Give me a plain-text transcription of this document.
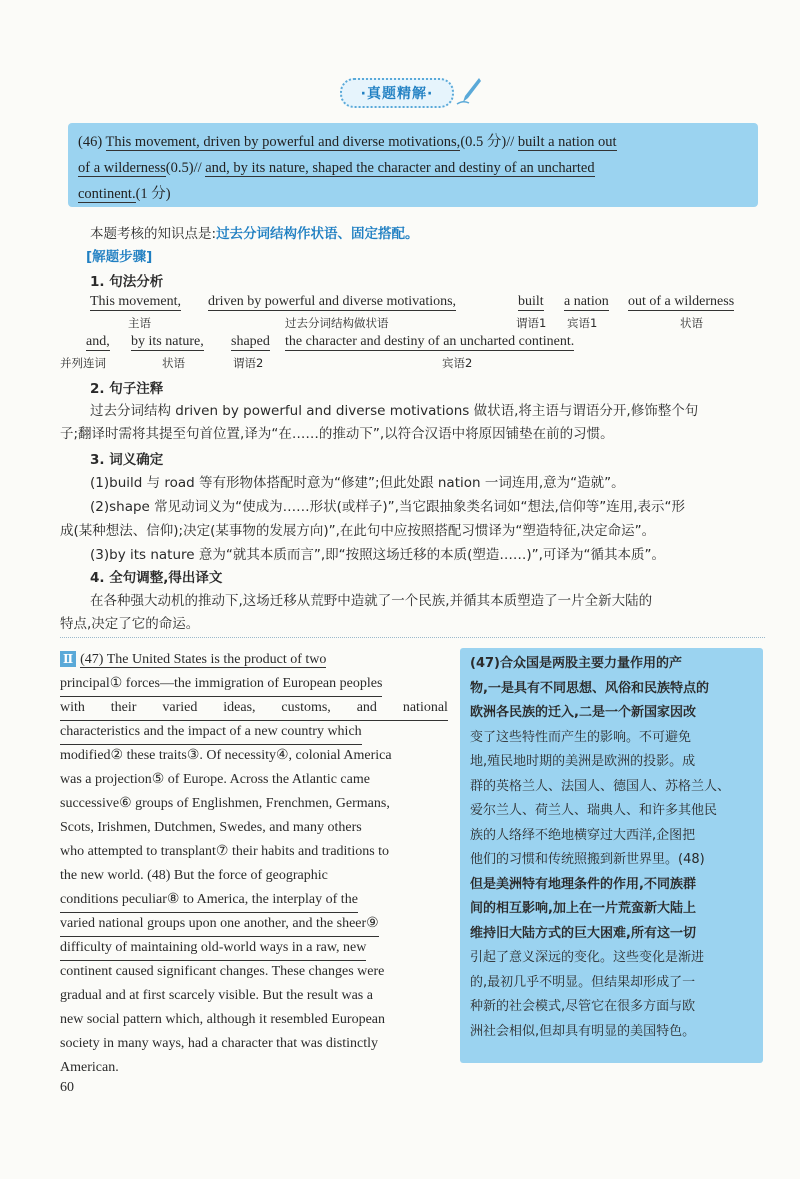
·真题精解·
(46) This movement, driven by powerful and diverse motivations,(0.5 分)// built a nation out
of a wilderness(0.5)// and, by its nature, shaped the character and destiny of an uncharted
continent.(1 分)
本题考核的知识点是:过去分词结构作状语、固定搭配。
[解题步骤]
1. 句法分析
This movement,
主语
driven by powerful and diverse motivations,
过去分词结构做状语
built
谓语1
a nation
宾语1
out of a wilderness
状语
and,
并列连词
by its nature,
状语
shaped
谓语2
the character and destiny of an uncharted continent.
宾语2
2. 句子注释
过去分词结构 driven by powerful and diverse motivations 做状语,将主语与谓语分开,修饰整个句
子;翻译时需将其提至句首位置,译为“在……的推动下”,以符合汉语中将原因铺垫在前的习惯。
3. 词义确定
(1)build 与 road 等有形物体搭配时意为“修建”;但此处跟 nation 一词连用,意为“造就”。
(2)shape 常见动词义为“使成为……形状(或样子)”,当它跟抽象类名词如“想法,信仰等”连用,表示“形
成(某种想法、信仰);决定(某事物的发展方向)”,在此句中应按照搭配习惯译为“塑造特征,决定命运”。
(3)by its nature 意为“就其本质而言”,即“按照这场迁移的本质(塑造……)”,可译为“循其本质”。
4. 全句调整,得出译文
在各种强大动机的推动下,这场迁移从荒野中造就了一个民族,并循其本质塑造了一片全新大陆的
特点,决定了它的命运。
Ⅱ (47) The United States is the product of two
principal① forces—the immigration of European peoples
with their varied ideas, customs, and national
characteristics and the impact of a new country which
modified② these traits③. Of necessity④, colonial America
was a projection⑤ of Europe. Across the Atlantic came
successive⑥ groups of Englishmen, Frenchmen, Germans,
Scots, Irishmen, Dutchmen, Swedes, and many others
who attempted to transplant⑦ their habits and traditions to
the new world. (48) But the force of geographic
conditions peculiar⑧ to America, the interplay of the
varied national groups upon one another, and the sheer⑨
difficulty of maintaining old-world ways in a raw, new
continent caused significant changes. These changes were
gradual and at first scarcely visible. But the result was a
new social pattern which, although it resembled European
society in many ways, had a character that was distinctly
American.
(47)合众国是两股主要力量作用的产
物,一是具有不同思想、风俗和民族特点的
欧洲各民族的迁入,二是一个新国家因改
变了这些特性而产生的影响。不可避免
地,殖民地时期的美洲是欧洲的投影。成
群的英格兰人、法国人、德国人、苏格兰人、
爱尔兰人、荷兰人、瑞典人、和许多其他民
族的人络绎不绝地横穿过大西洋,企图把
他们的习惯和传统照搬到新世界里。(48)
但是美洲特有地理条件的作用,不同族群
间的相互影响,加上在一片荒蛮新大陆上
维持旧大陆方式的巨大困难,所有这一切
引起了意义深远的变化。这些变化是渐进
的,最初几乎不明显。但结果却形成了一
种新的社会模式,尽管它在很多方面与欧
洲社会相似,但却具有明显的美国特色。
60
